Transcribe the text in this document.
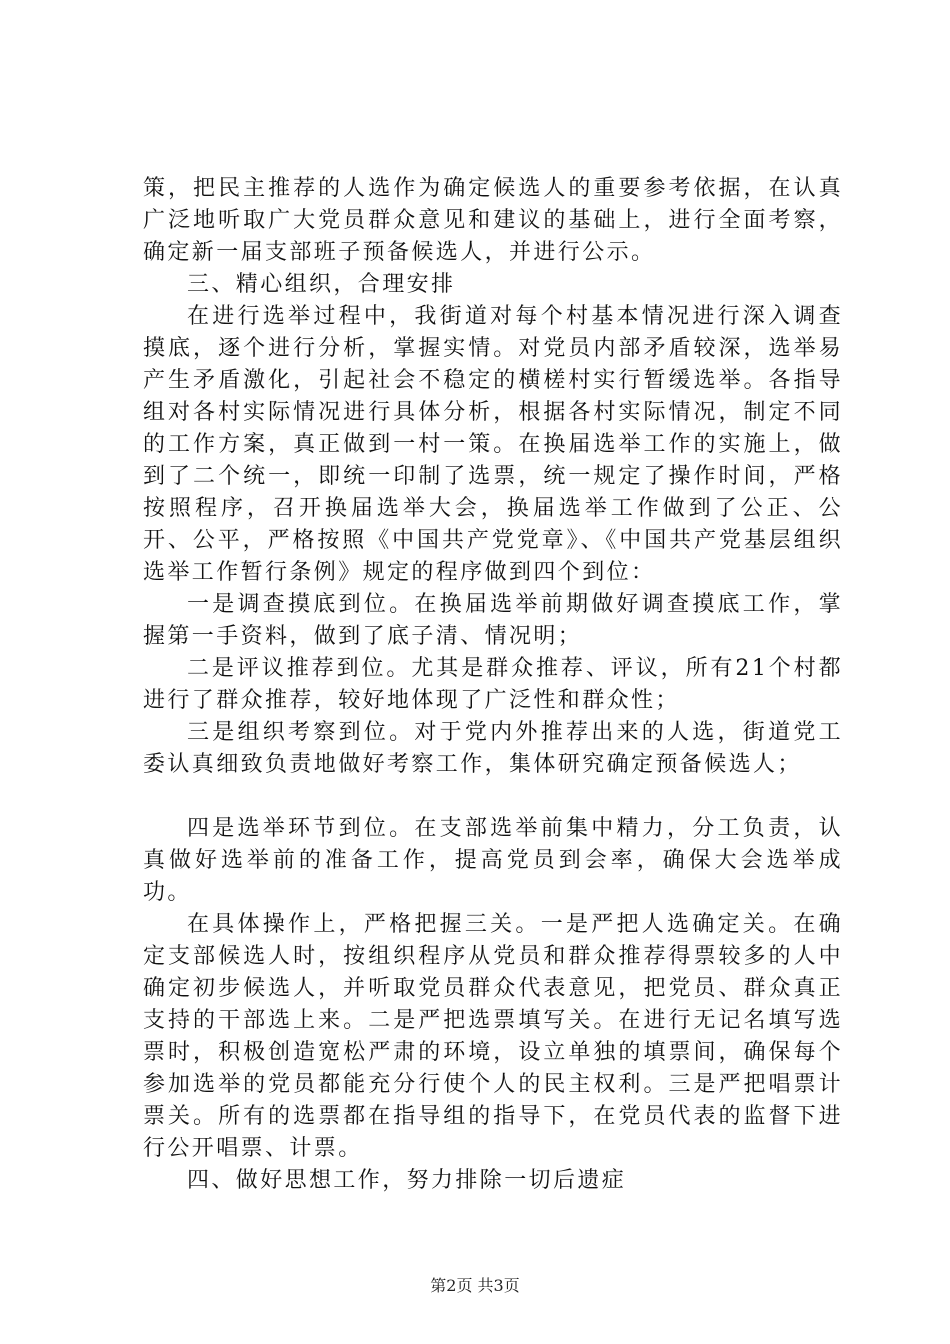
策，把民主推荐的人选作为确定候选人的重要参考依据，在认真广泛地听取广大党员群众意见和建议的基础上，进行全面考察，确定新一届支部班子预备候选人，并进行公示。

三、精心组织，合理安排

在进行选举过程中，我街道对每个村基本情况进行深入调查摸底，逐个进行分析，掌握实情。对党员内部矛盾较深，选举易产生矛盾激化，引起社会不稳定的横槎村实行暂缓选举。各指导组对各村实际情况进行具体分析，根据各村实际情况，制定不同的工作方案，真正做到一村一策。在换届选举工作的实施上，做到了二个统一，即统一印制了选票，统一规定了操作时间，严格按照程序，召开换届选举大会，换届选举工作做到了公正、公开、公平，严格按照《中国共产党党章》、《中国共产党基层组织选举工作暂行条例》规定的程序做到四个到位：

一是调查摸底到位。在换届选举前期做好调查摸底工作，掌握第一手资料，做到了底子清、情况明；

二是评议推荐到位。尤其是群众推荐、评议，所有21个村都进行了群众推荐，较好地体现了广泛性和群众性；

三是组织考察到位。对于党内外推荐出来的人选，街道党工委认真细致负责地做好考察工作，集体研究确定预备候选人；

四是选举环节到位。在支部选举前集中精力，分工负责，认真做好选举前的准备工作，提高党员到会率，确保大会选举成功。

在具体操作上，严格把握三关。一是严把人选确定关。在确定支部候选人时，按组织程序从党员和群众推荐得票较多的人中确定初步候选人，并听取党员群众代表意见，把党员、群众真正支持的干部选上来。二是严把选票填写关。在进行无记名填写选票时，积极创造宽松严肃的环境，设立单独的填票间，确保每个参加选举的党员都能充分行使个人的民主权利。三是严把唱票计票关。所有的选票都在指导组的指导下，在党员代表的监督下进行公开唱票、计票。

四、做好思想工作，努力排除一切后遗症

第2页 共3页
